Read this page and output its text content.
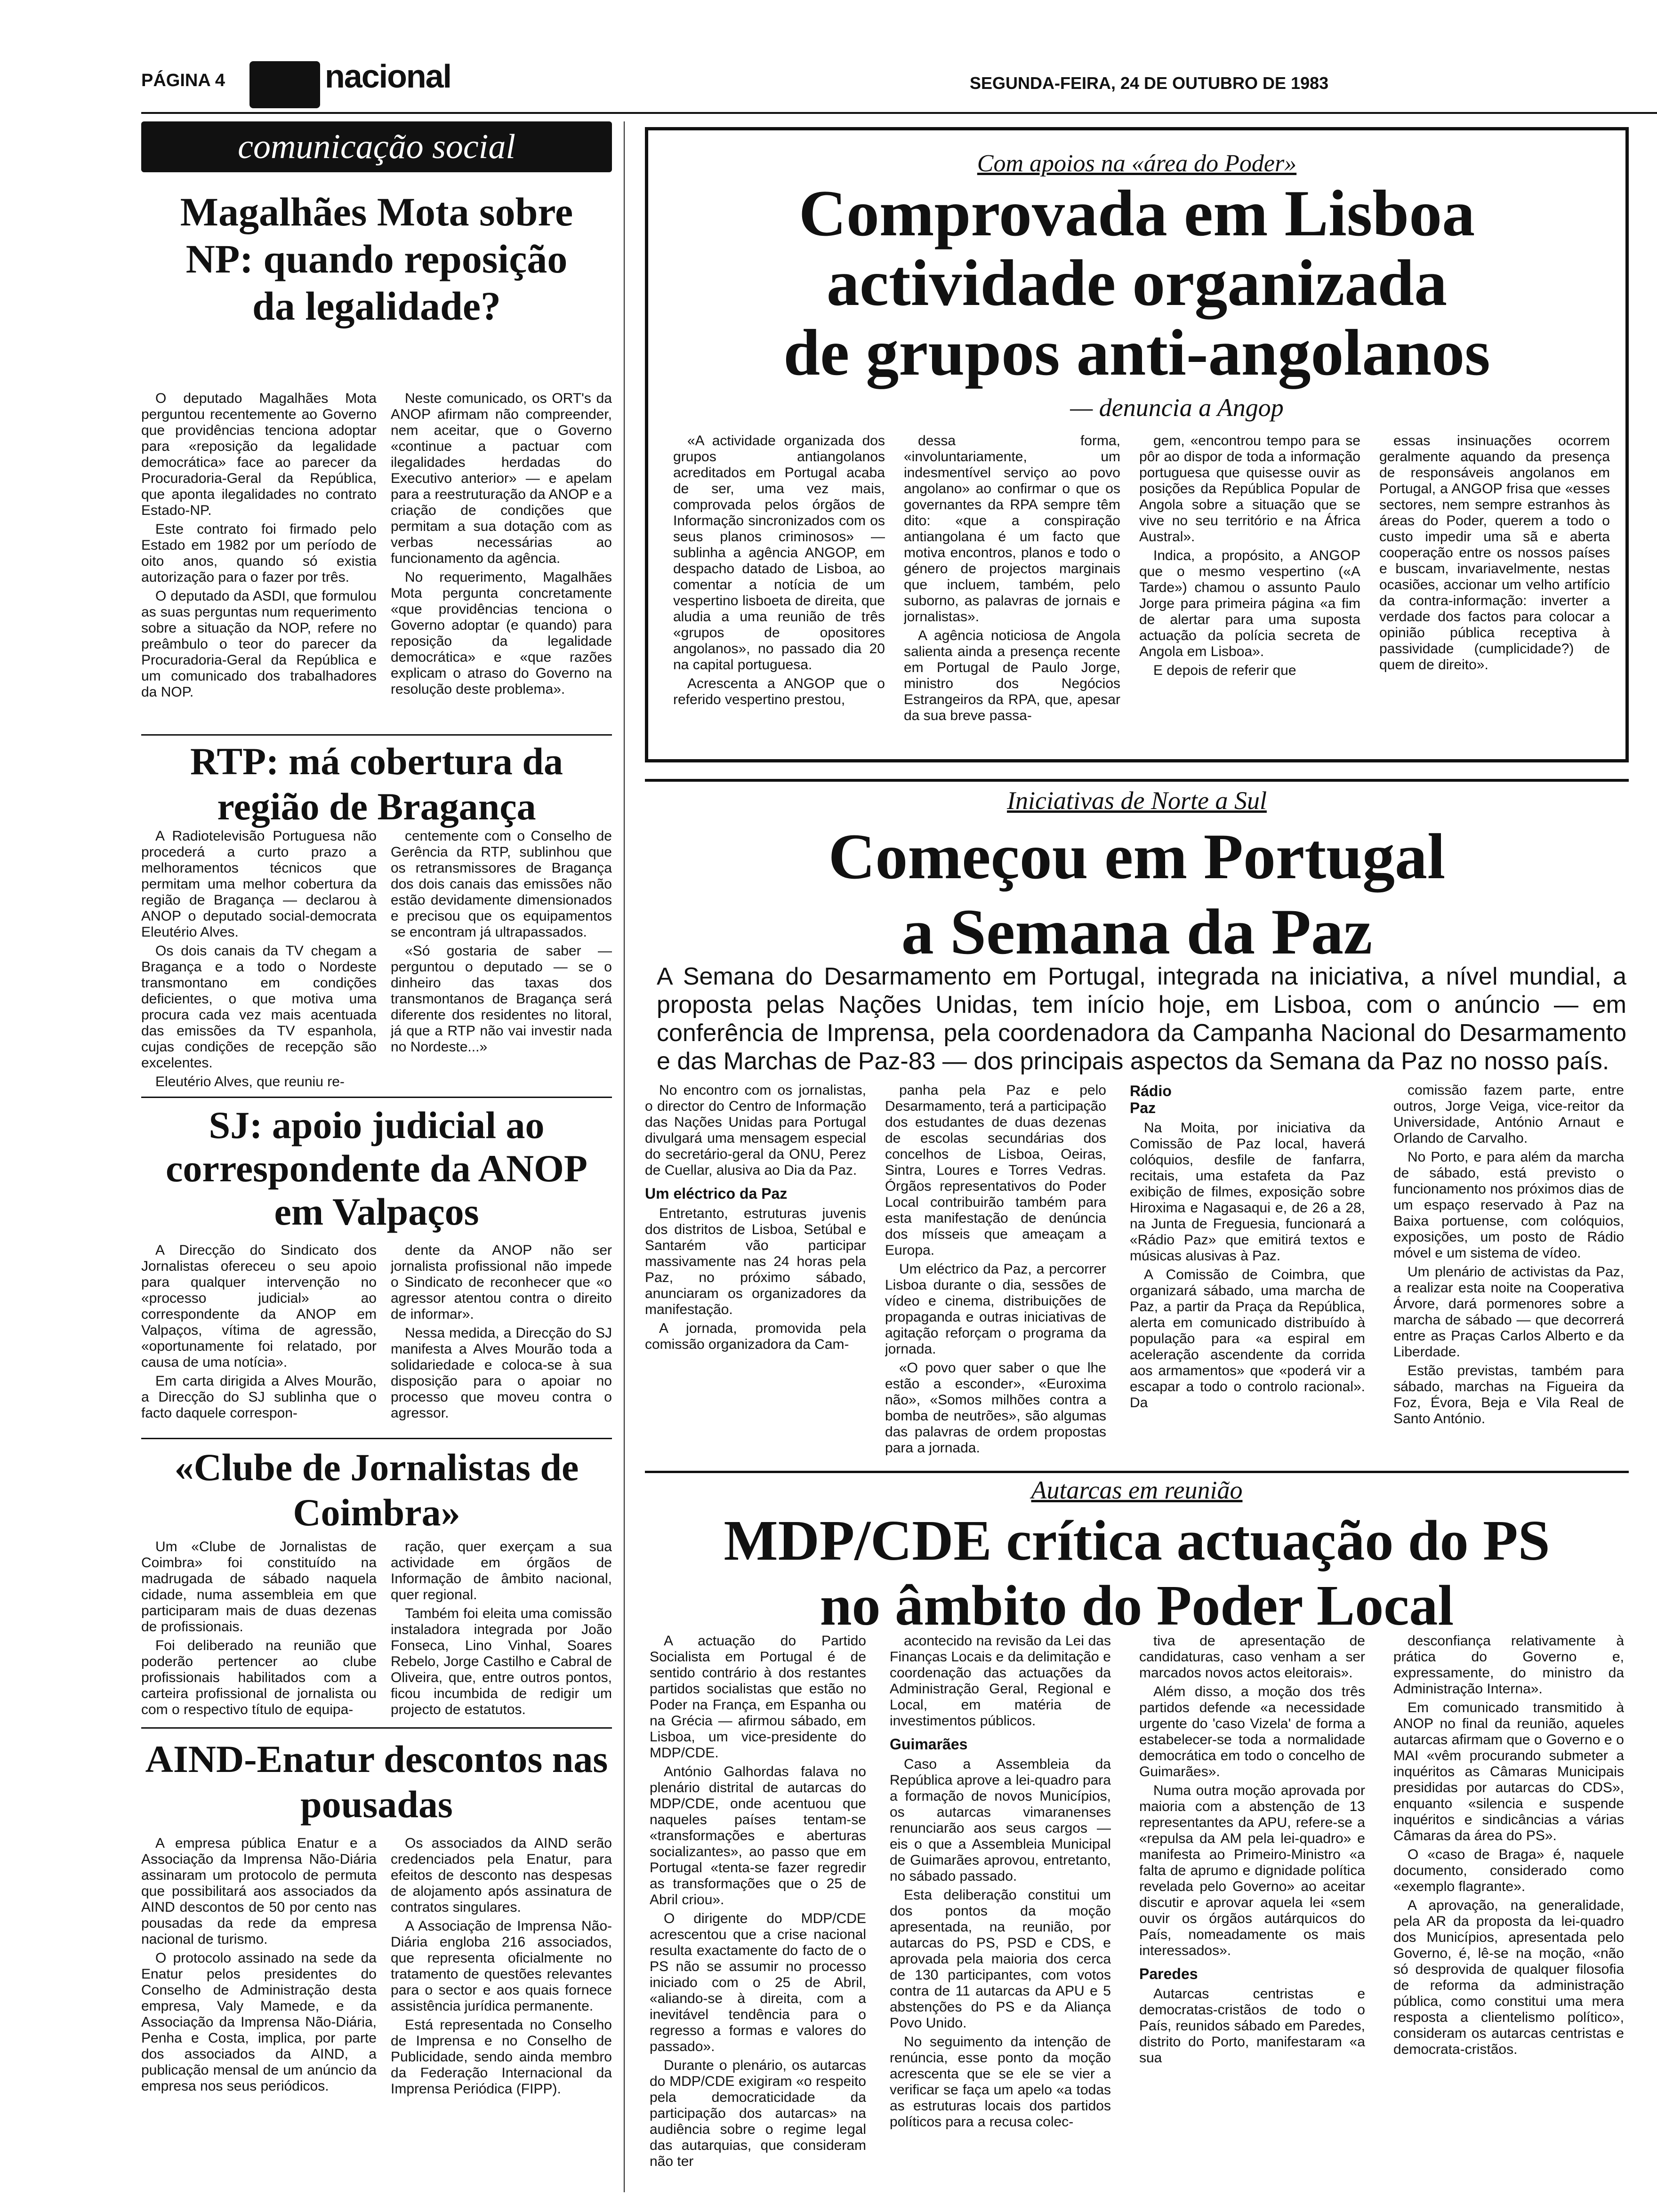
PÁGINA 4	nacional	SEGUNDA-FEIRA, 24 DE OUTUBRO DE 1983
comunicação social
Magalhães Mota sobre NP: quando reposição da legalidade?

O deputado Magalhães Mota perguntou recentemente ao Governo que providências tenciona adoptar para «reposição da legalidade democrática» face ao parecer da Procuradoria-Geral da República, que aponta ilegalidades no contrato Estado-NP.

Este contrato foi firmado pelo Estado em 1982 por um período de oito anos, quando só existia autorização para o fazer por três.

O deputado da ASDI, que formulou as suas perguntas num requerimento sobre a situação da NOP, refere no preâmbulo o teor do parecer da Procuradoria-Geral da República e um comunicado dos trabalhadores da NOP.

Neste comunicado, os ORT's da ANOP afirmam não compreender, nem aceitar, que o Governo «continue a pactuar com ilegalidades herdadas do Executivo anterior» — e apelam para a reestruturação da ANOP e a criação de condições que permitam a sua dotação com as verbas necessárias ao funcionamento da agência.

No requerimento, Magalhães Mota pergunta concretamente «que providências tenciona o Governo adoptar (e quando) para reposição da legalidade democrática» e «que razões explicam o atraso do Governo na resolução deste problema».

RTP: má cobertura da região de Bragança

A Radiotelevisão Portuguesa não procederá a curto prazo a melhoramentos técnicos que permitam uma melhor cobertura da região de Bragança — declarou à ANOP o deputado social-democrata Eleutério Alves.

Os dois canais da TV chegam a Bragança e a todo o Nordeste transmontano em condições deficientes, o que motiva uma procura cada vez mais acentuada das emissões da TV espanhola, cujas condições de recepção são excelentes.

Eleutério Alves, que reuniu re-

centemente com o Conselho de Gerência da RTP, sublinhou que os retransmissores de Bragança dos dois canais das emissões não estão devidamente dimensionados e precisou que os equipamentos se encontram já ultrapassados.

«Só gostaria de saber — perguntou o deputado — se o dinheiro das taxas dos transmontanos de Bragança será diferente dos residentes no litoral, já que a RTP não vai investir nada no Nordeste...»

SJ: apoio judicial ao correspondente da ANOP em Valpaços

A Direcção do Sindicato dos Jornalistas ofereceu o seu apoio para qualquer intervenção no «processo judicial» ao correspondente da ANOP em Valpaços, vítima de agressão, «oportunamente foi relatado, por causa de uma notícia».

Em carta dirigida a Alves Mourão, a Direcção do SJ sublinha que o facto daquele correspon-

dente da ANOP não ser jornalista profissional não impede o Sindicato de reconhecer que «o agressor atentou contra o direito de informar».

Nessa medida, a Direcção do SJ manifesta a Alves Mourão toda a solidariedade e coloca-se à sua disposição para o apoiar no processo que moveu contra o agressor.

«Clube de Jornalistas de Coimbra»

Um «Clube de Jornalistas de Coimbra» foi constituído na madrugada de sábado naquela cidade, numa assembleia em que participaram mais de duas dezenas de profissionais.

Foi deliberado na reunião que poderão pertencer ao clube profissionais habilitados com a carteira profissional de jornalista ou com o respectivo título de equipa-

ração, quer exerçam a sua actividade em órgãos de Informação de âmbito nacional, quer regional.

Também foi eleita uma comissão instaladora integrada por João Fonseca, Lino Vinhal, Soares Rebelo, Jorge Castilho e Cabral de Oliveira, que, entre outros pontos, ficou incumbida de redigir um projecto de estatutos.

AIND-Enatur descontos nas pousadas

A empresa pública Enatur e a Associação da Imprensa Não-Diária assinaram um protocolo de permuta que possibilitará aos associados da AIND descontos de 50 por cento nas pousadas da rede da empresa nacional de turismo.

O protocolo assinado na sede da Enatur pelos presidentes do Conselho de Administração desta empresa, Valy Mamede, e da Associação da Imprensa Não-Diária, Penha e Costa, implica, por parte dos associados da AIND, a publicação mensal de um anúncio da empresa nos seus periódicos.

Os associados da AIND serão credenciados pela Enatur, para efeitos de desconto nas despesas de alojamento após assinatura de contratos singulares.

A Associação de Imprensa Não-Diária engloba 216 associados, que representa oficialmente no tratamento de questões relevantes para o sector e aos quais fornece assistência jurídica permanente.

Está representada no Conselho de Imprensa e no Conselho de Publicidade, sendo ainda membro da Federação Internacional da Imprensa Periódica (FIPP).

Com apoios na «área do Poder»
Comprovada em Lisboa
actividade organizada
de grupos anti-angolanos
— denuncia a Angop

«A actividade organizada dos grupos antiangolanos acreditados em Portugal acaba de ser, uma vez mais, comprovada pelos órgãos de Informação sincronizados com os seus planos criminosos» — sublinha a agência ANGOP, em despacho datado de Lisboa, ao comentar a notícia de um vespertino lisboeta de direita, que aludia a uma reunião de três «grupos de opositores angolanos», no passado dia 20 na capital portuguesa.

Acrescenta a ANGOP que o referido vespertino prestou,

dessa forma, «involuntariamente, um indesmentível serviço ao povo angolano» ao confirmar o que os governantes da RPA sempre têm dito: «que a conspiração antiangolana é um facto que motiva encontros, planos e todo o género de projectos marginais que incluem, também, pelo suborno, as palavras de jornais e jornalistas».

A agência noticiosa de Angola salienta ainda a presença recente em Portugal de Paulo Jorge, ministro dos Negócios Estrangeiros da RPA, que, apesar da sua breve passa-

gem, «encontrou tempo para se pôr ao dispor de toda a informação portuguesa que quisesse ouvir as posições da República Popular de Angola sobre a situação que se vive no seu território e na África Austral».

Indica, a propósito, a ANGOP que o mesmo vespertino («A Tarde») chamou o assunto Paulo Jorge para primeira página «a fim de alertar para uma suposta actuação da polícia secreta de Angola em Lisboa».

E depois de referir que

essas insinuações ocorrem geralmente aquando da presença de responsáveis angolanos em Portugal, a ANGOP frisa que «esses sectores, nem sempre estranhos às áreas do Poder, querem a todo o custo impedir uma sã e aberta cooperação entre os nossos países e buscam, invariavelmente, nestas ocasiões, accionar um velho artifício da contra-informação: inverter a verdade dos factos para colocar a opinião pública receptiva à passividade (cumplicidade?) de quem de direito».

Iniciativas de Norte a Sul
Começou em Portugal
a Semana da Paz
A Semana do Desarmamento em Portugal, integrada na iniciativa, a nível mundial, a proposta pelas Nações Unidas, tem início hoje, em Lisboa, com o anúncio — em conferência de Imprensa, pela coordenadora da Campanha Nacional do Desarmamento e das Marchas de Paz-83 — dos principais aspectos da Semana da Paz no nosso país.

No encontro com os jornalistas, o director do Centro de Informação das Nações Unidas para Portugal divulgará uma mensagem especial do secretário-geral da ONU, Perez de Cuellar, alusiva ao Dia da Paz.

Um eléctrico da Paz

Entretanto, estruturas juvenis dos distritos de Lisboa, Setúbal e Santarém vão participar massivamente nas 24 horas pela Paz, no próximo sábado, anunciaram os organizadores da manifestação.

A jornada, promovida pela comissão organizadora da Cam-

panha pela Paz e pelo Desarmamento, terá a participação dos estudantes de duas dezenas de escolas secundárias dos concelhos de Lisboa, Oeiras, Sintra, Loures e Torres Vedras. Órgãos representativos do Poder Local contribuirão também para esta manifestação de denúncia dos mísseis que ameaçam a Europa.

Um eléctrico da Paz, a percorrer Lisboa durante o dia, sessões de vídeo e cinema, distribuições de propaganda e outras iniciativas de agitação reforçam o programa da jornada.

«O povo quer saber o que lhe estão a esconder», «Euroxima não», «Somos milhões contra a bomba de neutrões», são algumas das palavras de ordem propostas para a jornada.

Rádio Paz

Na Moita, por iniciativa da Comissão de Paz local, haverá colóquios, desfile de fanfarra, recitais, uma estafeta da Paz exibição de filmes, exposição sobre Hiroxima e Nagasaqui e, de 26 a 28, na Junta de Freguesia, funcionará a «Rádio Paz» que emitirá textos e músicas alusivas à Paz.

A Comissão de Coimbra, que organizará sábado, uma marcha de Paz, a partir da Praça da República, alerta em comunicado distribuído à população para «a espiral em aceleração ascendente da corrida aos armamentos» que «poderá vir a escapar a todo o controlo racional». Da

comissão fazem parte, entre outros, Jorge Veiga, vice-reitor da Universidade, António Arnaut e Orlando de Carvalho.

No Porto, e para além da marcha de sábado, está previsto o funcionamento nos próximos dias de um espaço reservado à Paz na Baixa portuense, com colóquios, exposições, um posto de Rádio móvel e um sistema de vídeo.

Um plenário de activistas da Paz, a realizar esta noite na Cooperativa Árvore, dará pormenores sobre a marcha de sábado — que decorrerá entre as Praças Carlos Alberto e da Liberdade.

Estão previstas, também para sábado, marchas na Figueira da Foz, Évora, Beja e Vila Real de Santo António.

Autarcas em reunião
MDP/CDE crítica actuação do PS
no âmbito do Poder Local

A actuação do Partido Socialista em Portugal é de sentido contrário à dos restantes partidos socialistas que estão no Poder na França, em Espanha ou na Grécia — afirmou sábado, em Lisboa, um vice-presidente do MDP/CDE.

António Galhordas falava no plenário distrital de autarcas do MDP/CDE, onde acentuou que naqueles países tentam-se «transformações e aberturas socializantes», ao passo que em Portugal «tenta-se fazer regredir as transformações que o 25 de Abril criou».

O dirigente do MDP/CDE acrescentou que a crise nacional resulta exactamente do facto de o PS não se assumir no processo iniciado com o 25 de Abril, «aliando-se à direita, com a inevitável tendência para o regresso a formas e valores do passado».

Durante o plenário, os autarcas do MDP/CDE exigiram «o respeito pela democraticidade da participação dos autarcas» na audiência sobre o regime legal das autarquias, que consideram não ter

acontecido na revisão da Lei das Finanças Locais e da delimitação e coordenação das actuações da Administração Geral, Regional e Local, em matéria de investimentos públicos.

Guimarães

Caso a Assembleia da República aprove a lei-quadro para a formação de novos Municípios, os autarcas vimaranenses renunciarão aos seus cargos — eis o que a Assembleia Municipal de Guimarães aprovou, entretanto, no sábado passado.

Esta deliberação constitui um dos pontos da moção apresentada, na reunião, por autarcas do PS, PSD e CDS, e aprovada pela maioria dos cerca de 130 participantes, com votos contra de 11 autarcas da APU e 5 abstenções do PS e da Aliança Povo Unido.

No seguimento da intenção de renúncia, esse ponto da moção acrescenta que se ele se vier a verificar se faça um apelo «a todas as estruturas locais dos partidos políticos para a recusa colec-

tiva de apresentação de candidaturas, caso venham a ser marcados novos actos eleitorais».

Além disso, a moção dos três partidos defende «a necessidade urgente do 'caso Vizela' de forma a estabelecer-se toda a normalidade democrática em todo o concelho de Guimarães».

Numa outra moção aprovada por maioria com a abstenção de 13 representantes da APU, refere-se a «repulsa da AM pela lei-quadro» e manifesta ao Primeiro-Ministro «a falta de aprumo e dignidade política revelada pelo Governo» ao aceitar discutir e aprovar aquela lei «sem ouvir os órgãos autárquicos do País, nomeadamente os mais interessados».

Paredes

Autarcas centristas e democratas-cristãos de todo o País, reunidos sábado em Paredes, distrito do Porto, manifestaram «a sua

desconfiança relativamente à prática do Governo e, expressamente, do ministro da Administração Interna».

Em comunicado transmitido à ANOP no final da reunião, aqueles autarcas afirmam que o Governo e o MAI «vêm procurando submeter a inquéritos as Câmaras Municipais presididas por autarcas do CDS», enquanto «silencia e suspende inquéritos e sindicâncias a várias Câmaras da área do PS».

O «caso de Braga» é, naquele documento, considerado como «exemplo flagrante».

A aprovação, na generalidade, pela AR da proposta da lei-quadro dos Municípios, apresentada pelo Governo, é, lê-se na moção, «não só desprovida de qualquer filosofia de reforma da administração pública, como constitui uma mera resposta a clientelismo político», consideram os autarcas centristas e democrata-cristãos.
